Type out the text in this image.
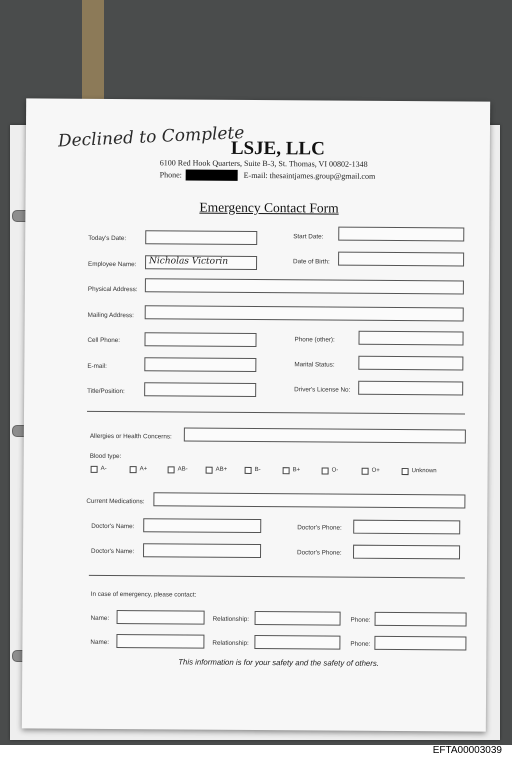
Declined to Complete
LSJE, LLC
6100 Red Hook Quarters, Suite B-3, St. Thomas, VI 00802-1348
Phone:	E-mail: thesaintjames.group@gmail.com
Emergency Contact Form
Today's Date:	Start Date:
Employee Name: Nicholas Victorin	Date of Birth:
Physical Address:
Mailing Address:
Cell Phone:	Phone (other):
E-mail:	Marital Status:
Title/Position:	Driver's License No:
Allergies or Health Concerns:
Blood type:
A-	A+	AB-	AB+	B-	B+	O-	O+	Unknown
Current Medications:
Doctor's Name:	Doctor's Phone:
Doctor's Name:	Doctor's Phone:
In case of emergency, please contact:
Name:	Relationship:	Phone:
Name:	Relationship:	Phone:
This information is for your safety and the safety of others.
EFTA00003039
